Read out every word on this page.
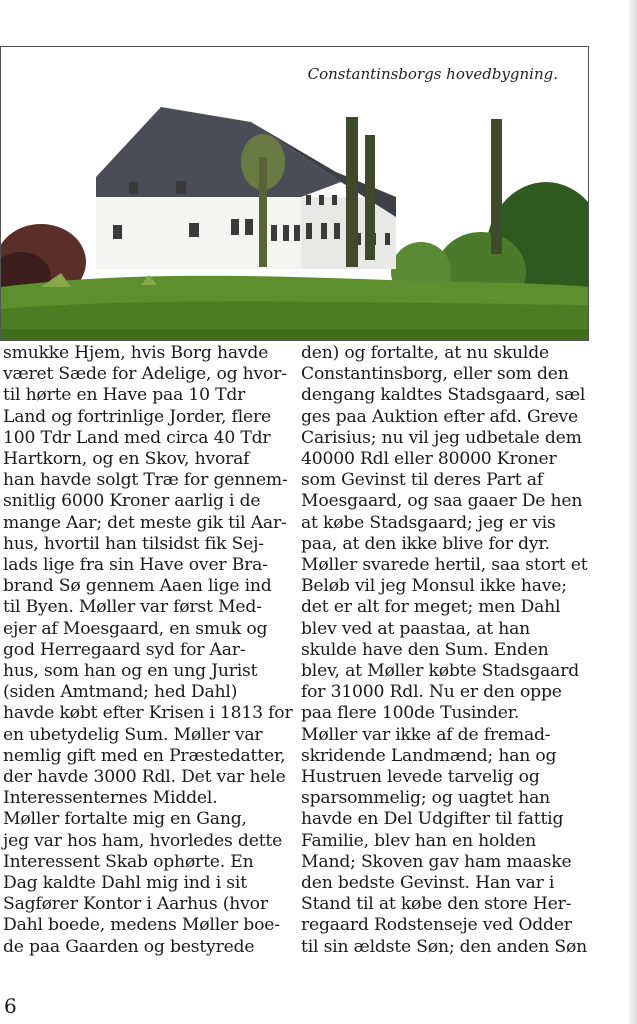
Constantinsborgs hovedbygning.
smukke Hjem, hvis Borg havde
været Sæde for Adelige, og hvor-
til hørte en Have paa 10 Tdr
Land og fortrinlige Jorder, flere
100 Tdr Land med circa 40 Tdr
Hartkorn, og en Skov, hvoraf
han havde solgt Træ for gennem-
snitlig 6000 Kroner aarlig i de
mange Aar; det meste gik til Aar-
hus, hvortil han tilsidst fik Sej-
lads lige fra sin Have over Bra-
brand Sø gennem Aaen lige ind
til Byen. Møller var først Med-
ejer af Moesgaard, en smuk og
god Herregaard syd for Aar-
hus, som han og en ung Jurist
(siden Amtmand; hed Dahl)
havde købt efter Krisen i 1813 for
en ubetydelig Sum. Møller var
nemlig gift med en Præstedatter,
der havde 3000 Rdl. Det var hele
Interessenternes Middel.
Møller fortalte mig en Gang,
jeg var hos ham, hvorledes dette
Interessent Skab ophørte. En
Dag kaldte Dahl mig ind i sit
Sagfører Kontor i Aarhus (hvor
Dahl boede, medens Møller boe-
de paa Gaarden og bestyrede
den) og fortalte, at nu skulde
Constantinsborg, eller som den
dengang kaldtes Stadsgaard, sæl
ges paa Auktion efter afd. Greve
Carisius; nu vil jeg udbetale dem
40000 Rdl eller 80000 Kroner
som Gevinst til deres Part af
Moesgaard, og saa gaaer De hen
at købe Stadsgaard; jeg er vis
paa, at den ikke blive for dyr.
Møller svarede hertil, saa stort et
Beløb vil jeg Monsul ikke have;
det er alt for meget; men Dahl
blev ved at paastaa, at han
skulde have den Sum. Enden
blev, at Møller købte Stadsgaard
for 31000 Rdl. Nu er den oppe
paa flere 100de Tusinder.
Møller var ikke af de fremad-
skridende Landmænd; han og
Hustruen levede tarvelig og
sparsommelig; og uagtet han
havde en Del Udgifter til fattig
Familie, blev han en holden
Mand; Skoven gav ham maaske
den bedste Gevinst. Han var i
Stand til at købe den store Her-
regaard Rodstenseje ved Odder
til sin ældste Søn; den anden Søn
6
